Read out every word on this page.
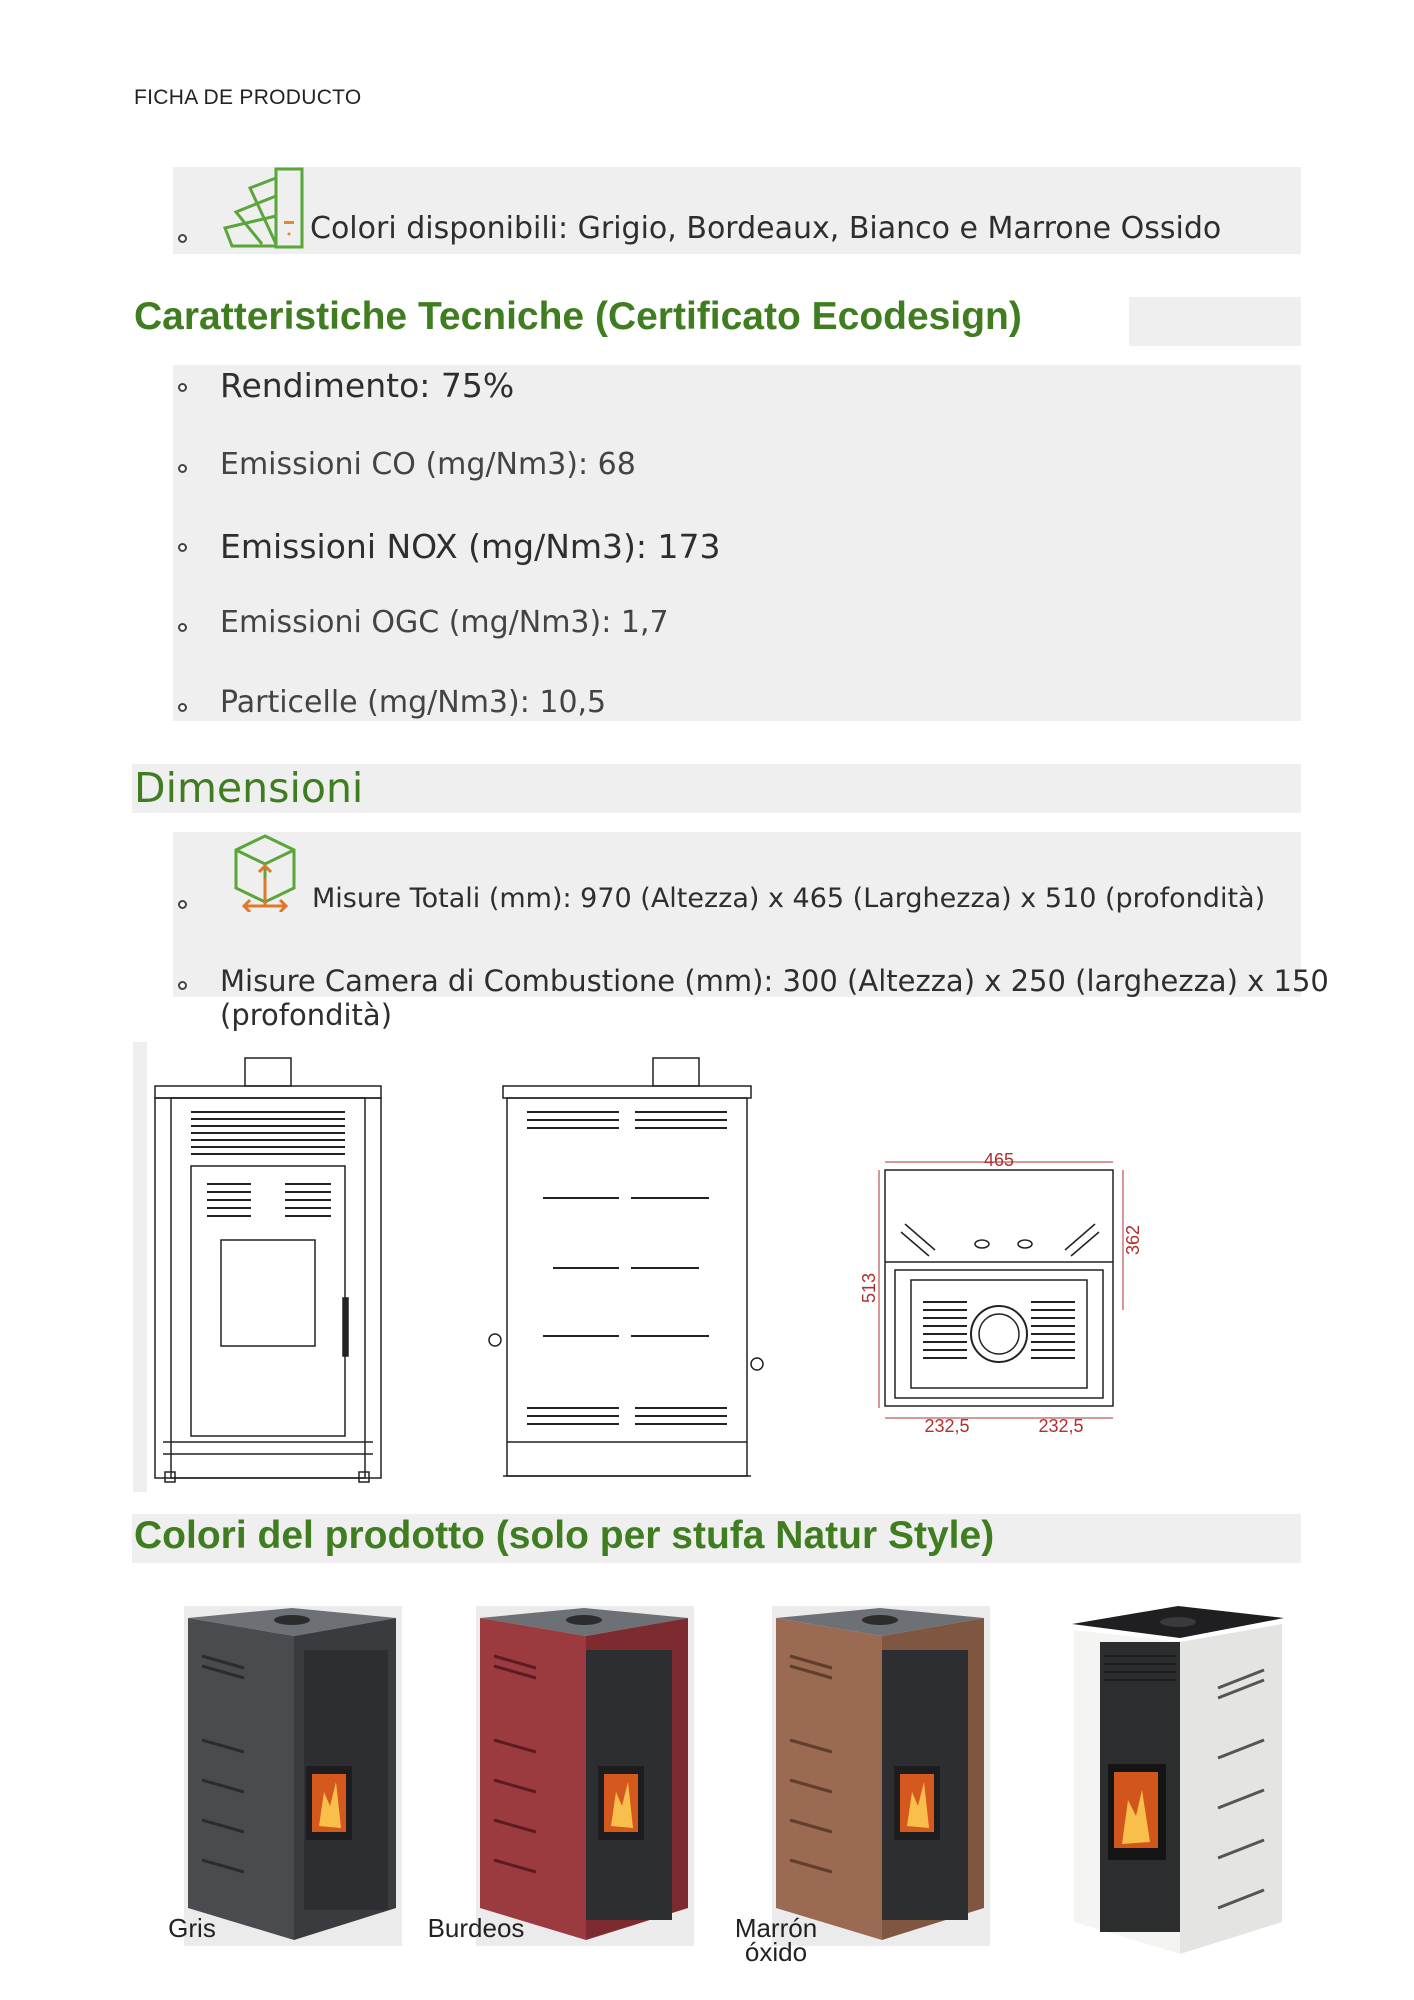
FICHA DE PRODUCTO
Colori disponibili: Grigio, Bordeaux, Bianco e Marrone Ossido
Caratteristiche Tecniche (Certificato Ecodesign)
Rendimento: 75%
Emissioni CO (mg/Nm3): 68
Emissioni NOX (mg/Nm3): 173
Emissioni OGC (mg/Nm3): 1,7
Particelle (mg/Nm3): 10,5
Dimensioni
Misure Totali (mm): 970 (Altezza) x 465 (Larghezza) x 510 (profondità)
Misure Camera di Combustione (mm): 300 (Altezza) x 250 (larghezza) x 150
(profondità)
465
513
362
232,5	232,5
Colori del prodotto (solo per stufa Natur Style)
Gris	Burdeos	Marrón
óxido
